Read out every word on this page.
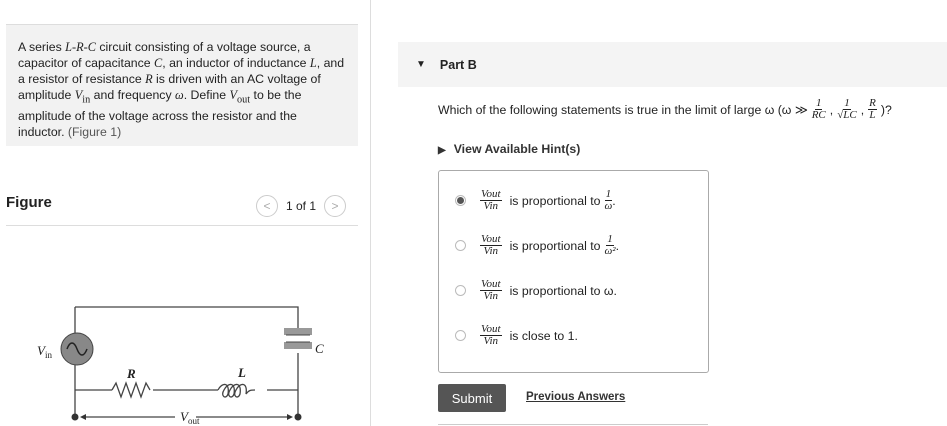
A series L-R-C circuit consisting of a voltage source, a capacitor of capacitance C, an inductor of inductance L, and a resistor of resistance R is driven with an AC voltage of amplitude $V_{in}$ and frequency ω. Define $V_{out}$ to be the amplitude of the voltage across the resistor and the inductor. (Figure 1)
Figure	<	1 of 1	>
$V_{in}$
R	L
C
$V_{out}$
▼ Part B
Which of the following statements is true in the limit of large ω (ω ≫ $\frac{1}{RC}$ , $\frac{1}{√LC}$ , $\frac{R}{L}$ )?
▶ View Available Hint(s)
$\frac{\text{Vout}}{\text{Vin}}$ is proportional to $\frac{1}{\omega}$ .
$\frac{\text{Vout}}{\text{Vin}}$ is proportional to $\frac{1}{\text{ω²}}$ .
$\frac{\text{Vout}}{\text{Vin}}$ is proportional to ω.
$\frac{\text{Vout}}{\text{Vin}}$ is close to 1.
Submit	Previous Answers
